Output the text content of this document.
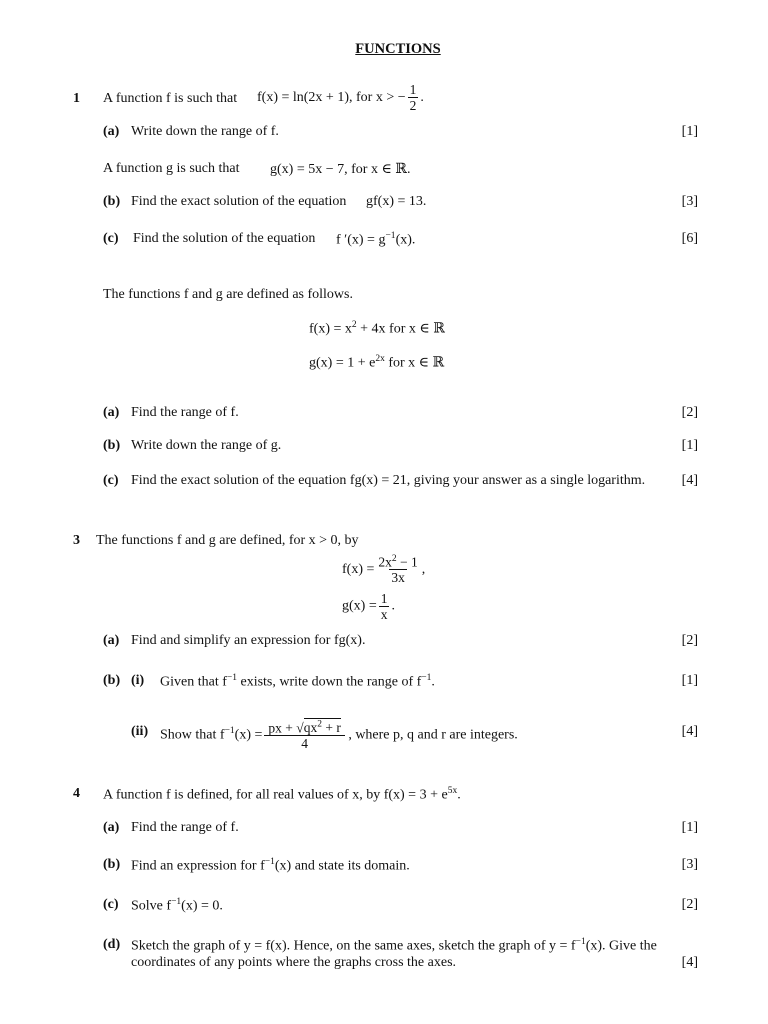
FUNCTIONS
1 A function f is such that f(x) = ln(2x + 1), for x > − $\frac{1}{2}$ .
(a) Write down the range of f.	[1]
A function g is such that g(x) = 5x − 7, for x ∈ ℝ.
(b) Find the exact solution of the equation gf(x) = 13.	[3]
(c) Find the solution of the equation f $'(x) = g^{-1}(x)$.	[6]
The functions f and g are defined as follows.
$f(x) = x^2 + 4x$ for x ∈ ℝ
$g(x) = 1 + e^{2x}$ for x ∈ ℝ
(a) Find the range of f.	[2]
(b) Write down the range of g.	[1]
(c) Find the exact solution of the equation fg(x) = 21, giving your answer as a single logarithm.	[4]
3 The functions f and g are defined, for x > 0, by
$f(x) = \frac{2x^2 - 1}{3x}$ ,
$g(x) = \frac{1}{x}$ .
(a) Find and simplify an expression for fg(x).	[2]
(b) (i) Given that $f^{-1}$ exists, write down the range of $f^{-1}$.	[1]
(ii) Show that $f^{-1}(x) = \frac{px + √qx^2 + r}{4}$ , where p, q and r are integers.	[4]
4 A function f is defined, for all real values of x, by $f(x) = 3 + e^{5x}$.
(a) Find the range of f.	[1]
(b) Find an expression for $f^{-1}(x)$ and state its domain.	[3]
(c) Solve $f^{-1}(x) = 0$.	[2]
(d) Sketch the graph of y = f(x). Hence, on the same axes, sketch the graph of $y = f^{-1}(x)$. Give the
coordinates of any points where the graphs cross the axes.	[4]
